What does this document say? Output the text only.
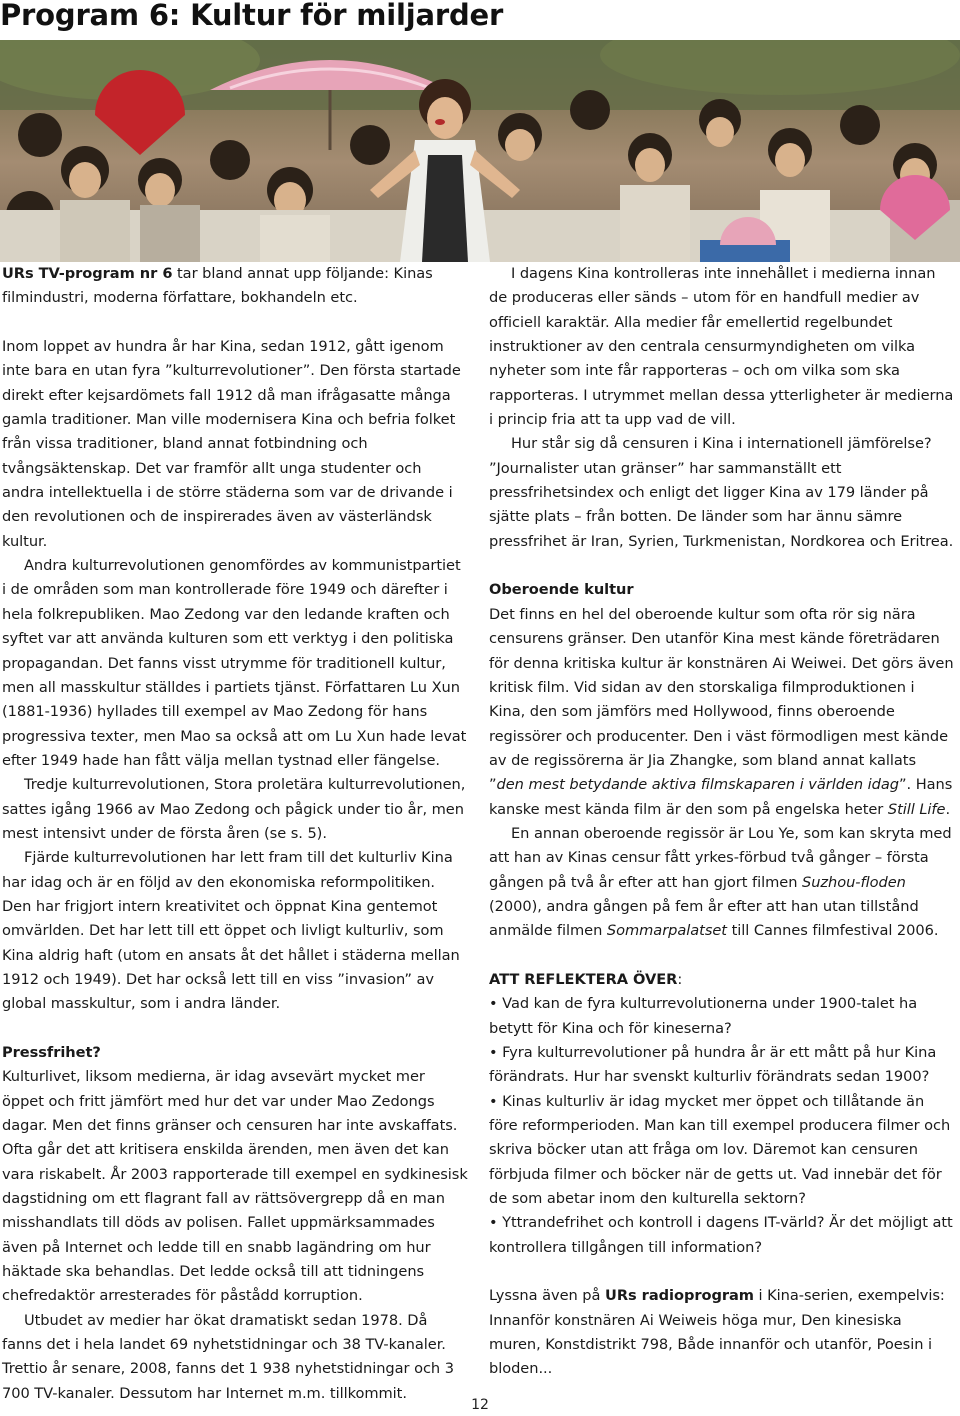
Program 6: Kultur för miljarder

URs TV-program nr 6 tar bland annat upp följande: Kinas filmindustri, moderna författare, bokhandeln etc.

Inom loppet av hundra år har Kina, sedan 1912, gått igenom inte bara en utan fyra ”kulturrevolutioner”. Den första startade direkt efter kejsardömets fall 1912 då man ifrågasatte många gamla traditioner. Man ville modernisera Kina och befria folket från vissa traditioner, bland annat fotbindning och tvångsäktenskap. Det var framför allt unga studenter och andra intellektuella i de större städerna som var de drivande i den revolutionen och de inspirerades även av västerländsk kultur.

Andra kulturrevolutionen genomfördes av kommunistpartiet i de områden som man kontrollerade före 1949 och därefter i hela folkrepubliken. Mao Zedong var den ledande kraften och syftet var att använda kulturen som ett verktyg i den politiska propagandan. Det fanns visst utrymme för traditionell kultur, men all masskultur ställdes i partiets tjänst. Författaren Lu Xun (1881-1936) hyllades till exempel av Mao Zedong för hans progressiva texter, men Mao sa också att om Lu Xun hade levat efter 1949 hade han fått välja mellan tystnad eller fängelse.

Tredje kulturrevolutionen, Stora proletära kulturrevolutionen, sattes igång 1966 av Mao Zedong och pågick under tio år, men mest intensivt under de första åren (se s. 5).

Fjärde kulturrevolutionen har lett fram till det kulturliv Kina har idag och är en följd av den ekonomiska reformpolitiken. Den har frigjort intern kreativitet och öppnat Kina gentemot omvärlden. Det har lett till ett öppet och livligt kulturliv, som Kina aldrig haft (utom en ansats åt det hållet i städerna mellan 1912 och 1949). Det har också lett till en viss ”invasion” av global masskultur, som i andra länder.

Pressfrihet?

Kulturlivet, liksom medierna, är idag avsevärt mycket mer öppet och fritt jämfört med hur det var under Mao Zedongs dagar. Men det finns gränser och censuren har inte avskaffats. Ofta går det att kritisera enskilda ärenden, men även det kan vara riskabelt. År 2003 rapporterade till exempel en sydkinesisk dagstidning om ett flagrant fall av rättsövergrepp då en man misshandlats till döds av polisen. Fallet uppmärksammades även på Internet och ledde till en snabb lagändring om hur häktade ska behandlas. Det ledde också till att tidningens chefredaktör arresterades för påstådd korruption.

Utbudet av medier har ökat dramatiskt sedan 1978. Då fanns det i hela landet 69 nyhetstidningar och 38 TV-kanaler. Trettio år senare, 2008, fanns det 1 938 nyhetstidningar och 3 700 TV-kanaler. Dessutom har Internet m.m. tillkommit.

I dagens Kina kontrolleras inte innehållet i medierna innan de produceras eller sänds – utom för en handfull medier av officiell karaktär. Alla medier får emellertid regelbundet instruktioner av den centrala censurmyndigheten om vilka nyheter som inte får rapporteras – och om vilka som ska rapporteras. I utrymmet mellan dessa ytterligheter är medierna i princip fria att ta upp vad de vill.

Hur står sig då censuren i Kina i internationell jämförelse? ”Journalister utan gränser” har sammanställt ett pressfrihetsindex och enligt det ligger Kina av 179 länder på sjätte plats – från botten. De länder som har ännu sämre pressfrihet är Iran, Syrien, Turkmenistan, Nordkorea och Eritrea.

Oberoende kultur

Det finns en hel del oberoende kultur som ofta rör sig nära censurens gränser. Den utanför Kina mest kände företrädaren för denna kritiska kultur är konstnären Ai Weiwei. Det görs även kritisk film. Vid sidan av den storskaliga filmproduktionen i Kina, den som jämförs med Hollywood, finns oberoende regissörer och producenter. Den i väst förmodligen mest kände av de regissörerna är Jia Zhangke, som bland annat kallats ”den mest betydande aktiva filmskaparen i världen idag”. Hans kanske mest kända film är den som på engelska heter Still Life.

En annan oberoende regissör är Lou Ye, som kan skryta med att han av Kinas censur fått yrkes-förbud två gånger – första gången på två år efter att han gjort filmen Suzhou-floden (2000), andra gången på fem år efter att han utan tillstånd anmälde filmen Sommarpalatset till Cannes filmfestival 2006.

ATT REFLEKTERA ÖVER:

• Vad kan de fyra kulturrevolutionerna under 1900-talet ha betytt för Kina och för kineserna?

• Fyra kulturrevolutioner på hundra år är ett mått på hur Kina förändrats. Hur har svenskt kulturliv förändrats sedan 1900?

• Kinas kulturliv är idag mycket mer öppet och tillåtande än före reformperioden. Man kan till exempel producera filmer och skriva böcker utan att fråga om lov. Däremot kan censuren förbjuda filmer och böcker när de getts ut. Vad innebär det för de som abetar inom den kulturella sektorn?

• Yttrandefrihet och kontroll i dagens IT-värld? Är det möjligt att kontrollera tillgången till information?

Lyssna även på URs radioprogram i Kina-serien, exempelvis: Innanför konstnären Ai Weiweis höga mur, Den kinesiska muren, Konstdistrikt 798, Både innanför och utanför, Poesin i bloden...

12
